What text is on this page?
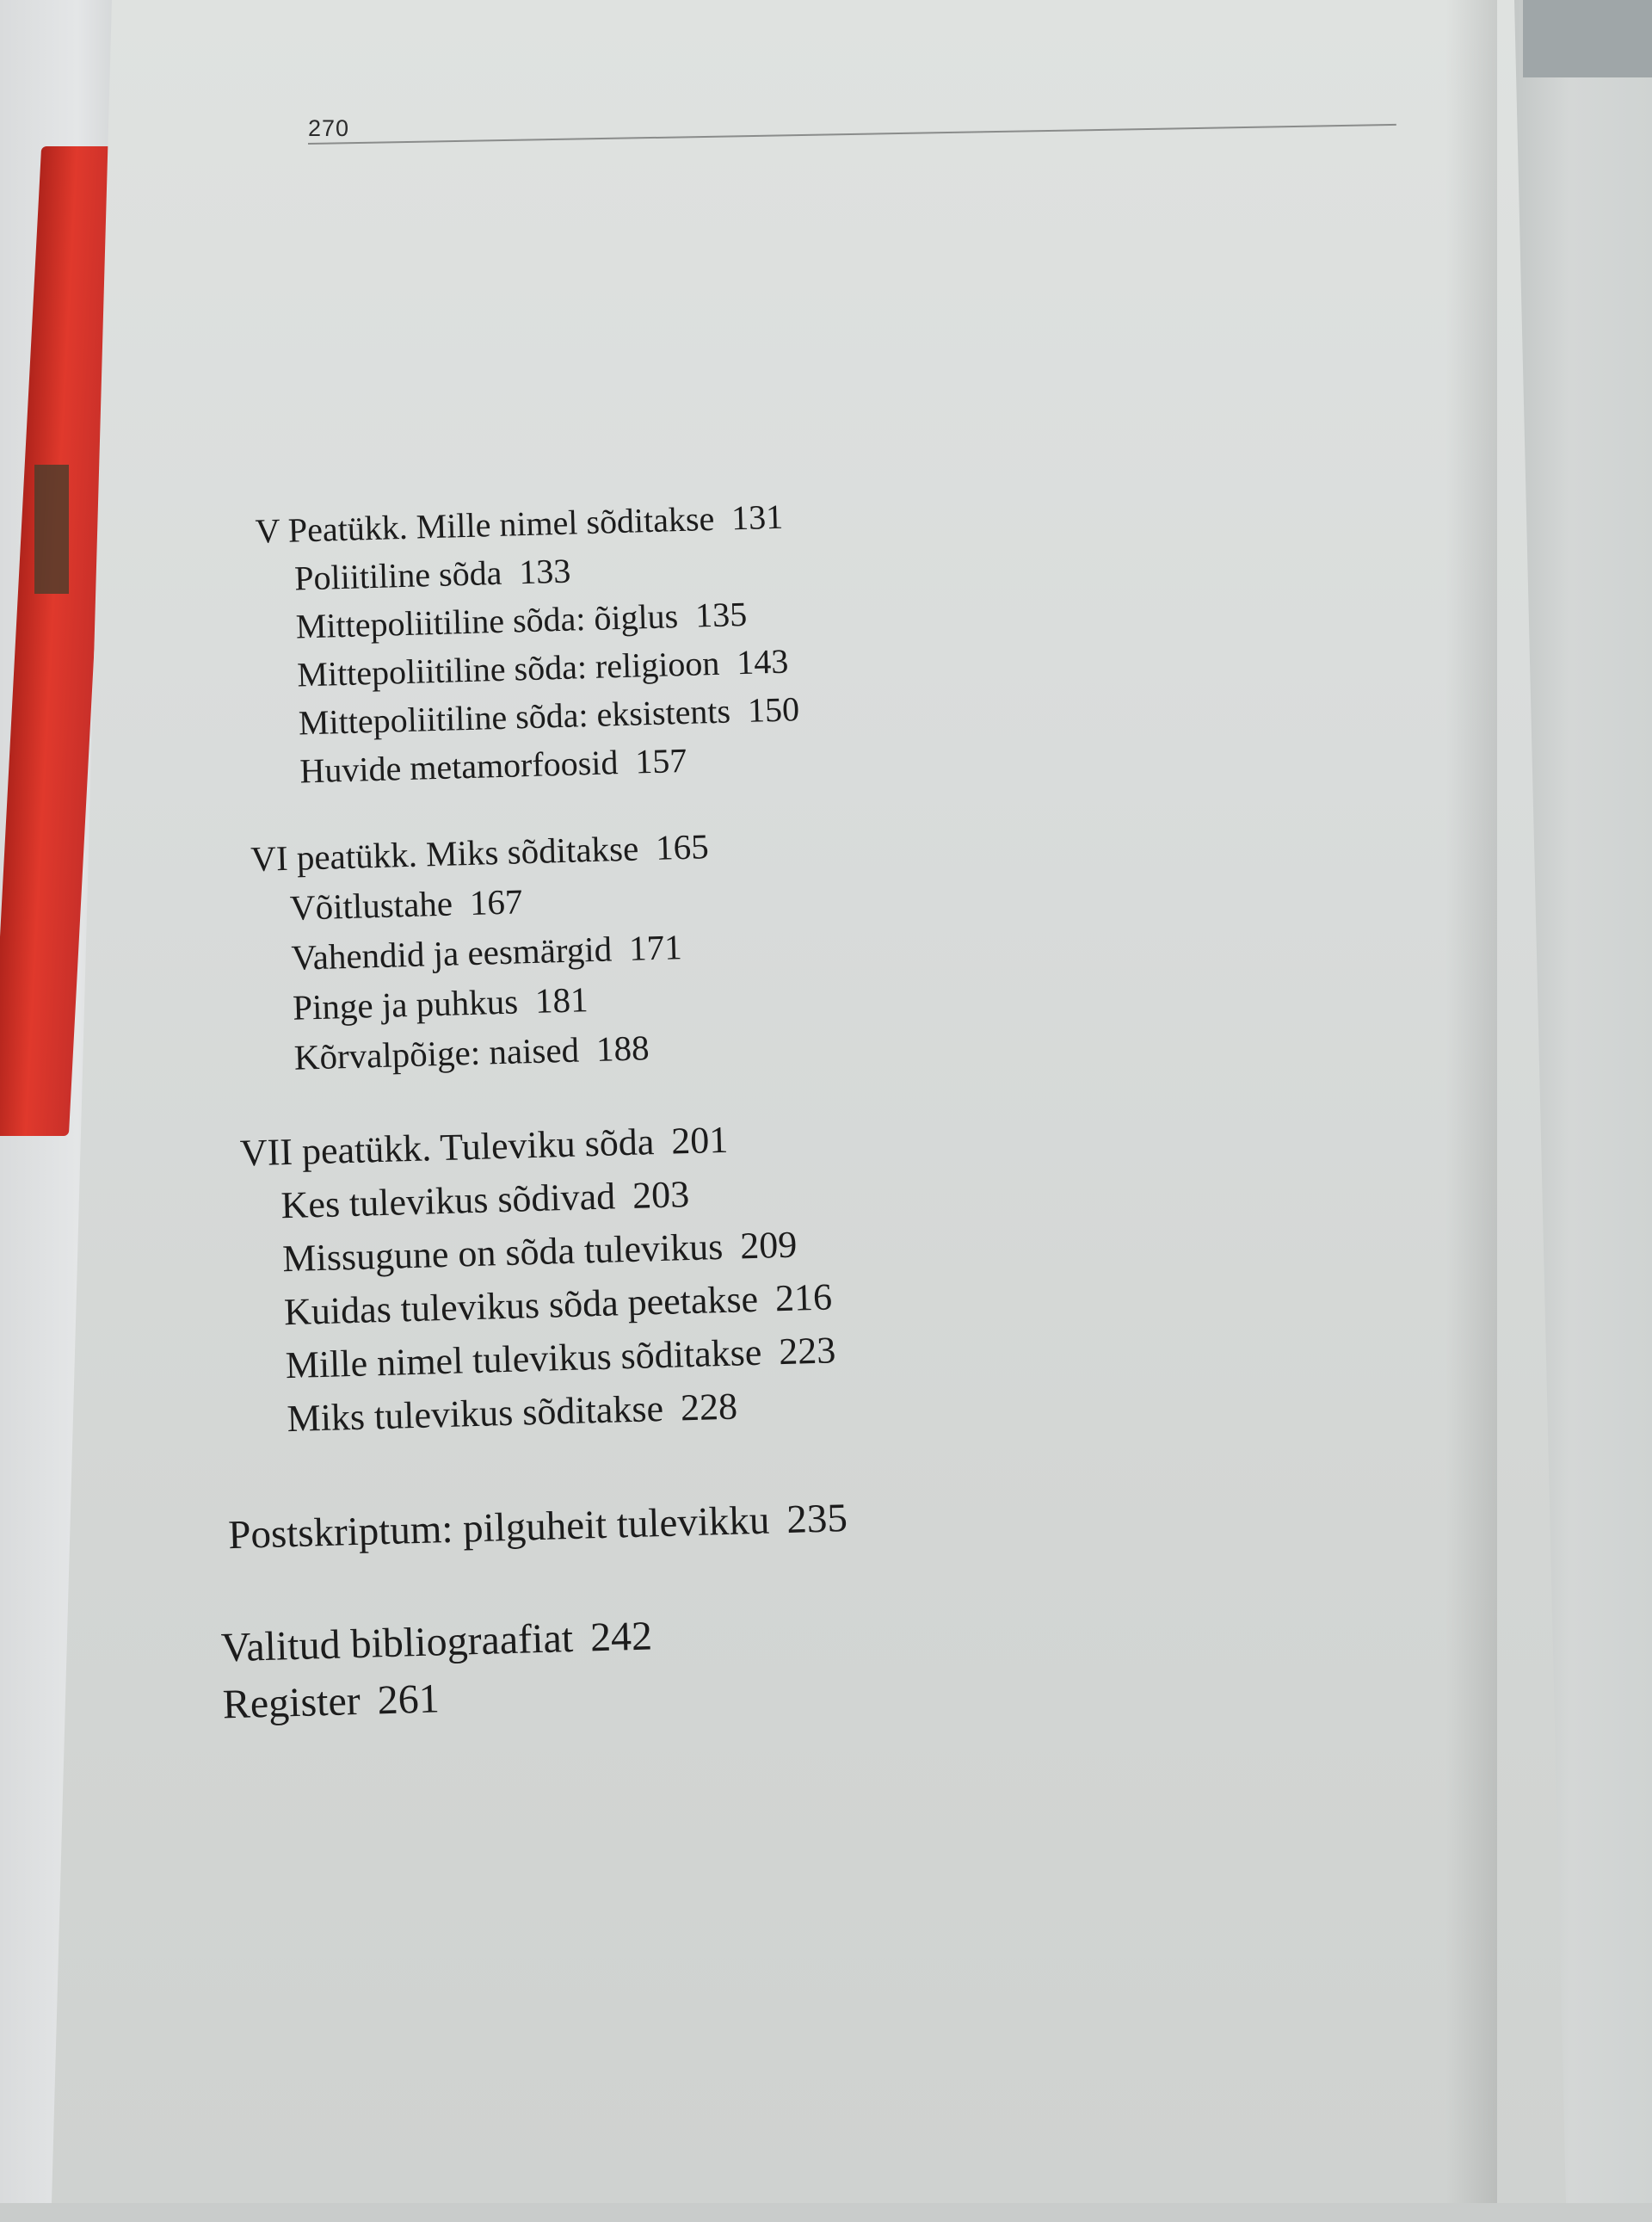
270
V Peatükk. Mille nimel sõditakse 131
Poliitiline sõda 133
Mittepoliitiline sõda: õiglus 135
Mittepoliitiline sõda: religioon 143
Mittepoliitiline sõda: eksistents 150
Huvide metamorfoosid 157
VI peatükk. Miks sõditakse 165
Võitlustahe 167
Vahendid ja eesmärgid 171
Pinge ja puhkus 181
Kõrvalpõige: naised 188
VII peatükk. Tuleviku sõda 201
Kes tulevikus sõdivad 203
Missugune on sõda tulevikus 209
Kuidas tulevikus sõda peetakse 216
Mille nimel tulevikus sõditakse 223
Miks tulevikus sõditakse 228
Postskriptum: pilguheit tulevikku 235
Valitud bibliograafiat 242
Register 261
